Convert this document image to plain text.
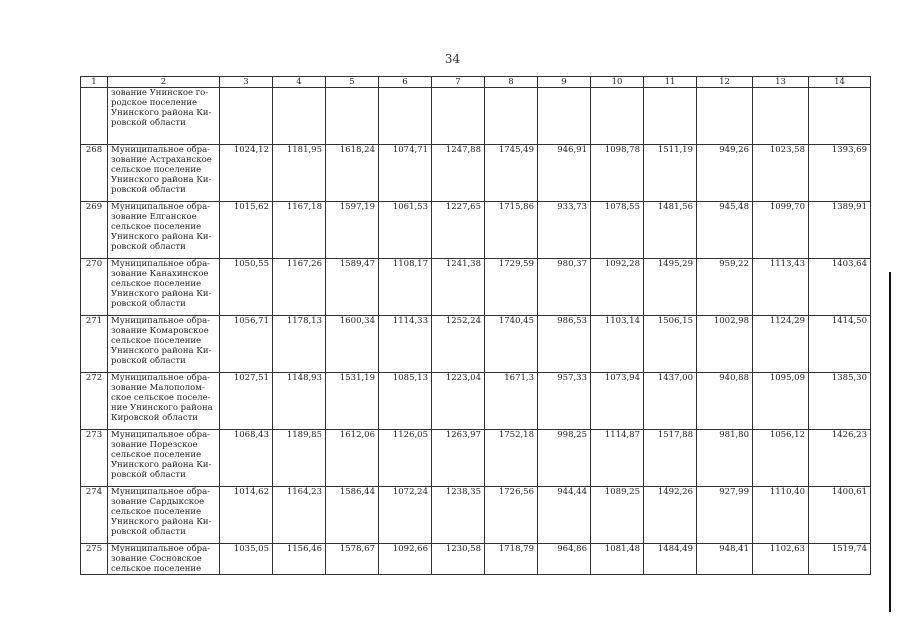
34
1	2	3	4	5	6	7	8	9	10	11	12	13	14

	зование Унинское го-
родское поселение
Унинского района Ки-
ровской области												

268	Муниципальное обра-
зование Астраханское
сельское поселение
Унинского района Ки-
ровской области	1024,12	1181,95	1618,24	1074,71	1247,88	1745,49	946,91	1098,78	1511,19	949,26	1023,58	1393,69
269	Муниципальное обра-
зование Елганское
сельское поселение
Унинского района Ки-
ровской области	1015,62	1167,18	1597,19	1061,53	1227,65	1715,86	933,73	1078,55	1481,56	945,48	1099,70	1389,91
270	Муниципальное обра-
зование Канахинское
сельское поселение
Унинского района Ки-
ровской области	1050,55	1167,26	1589,47	1108,17	1241,38	1729,59	980,37	1092,28	1495,29	959,22	1113,43	1403,64
271	Муниципальное обра-
зование Комаровское
сельское поселение
Унинского района Ки-
ровской области	1056,71	1178,13	1600,34	1114,33	1252,24	1740,45	986,53	1103,14	1506,15	1002,98	1124,29	1414,50
272	Муниципальное обра-
зование Малополом-
ское сельское поселе-
ние Унинского района
Кировской области	1027,51	1148,93	1531,19	1085,13	1223,04	1671,3	957,33	1073,94	1437,00	940,88	1095,09	1385,30
273	Муниципальное обра-
зование Порезское
сельское поселение
Унинского района Ки-
ровской области	1068,43	1189,85	1612,06	1126,05	1263,97	1752,18	998,25	1114,87	1517,88	981,80	1056,12	1426,23
274	Муниципальное обра-
зование Сардыкское
сельское поселение
Унинского района Ки-
ровской области	1014,62	1164,23	1586,44	1072,24	1238,35	1726,56	944,44	1089,25	1492,26	927,99	1110,40	1400,61
275	Муниципальное обра-
зование Сосновское
сельское поселение	1035,05	1156,46	1578,67	1092,66	1230,58	1718,79	964,86	1081,48	1484,49	948,41	1102,63	1519,74
